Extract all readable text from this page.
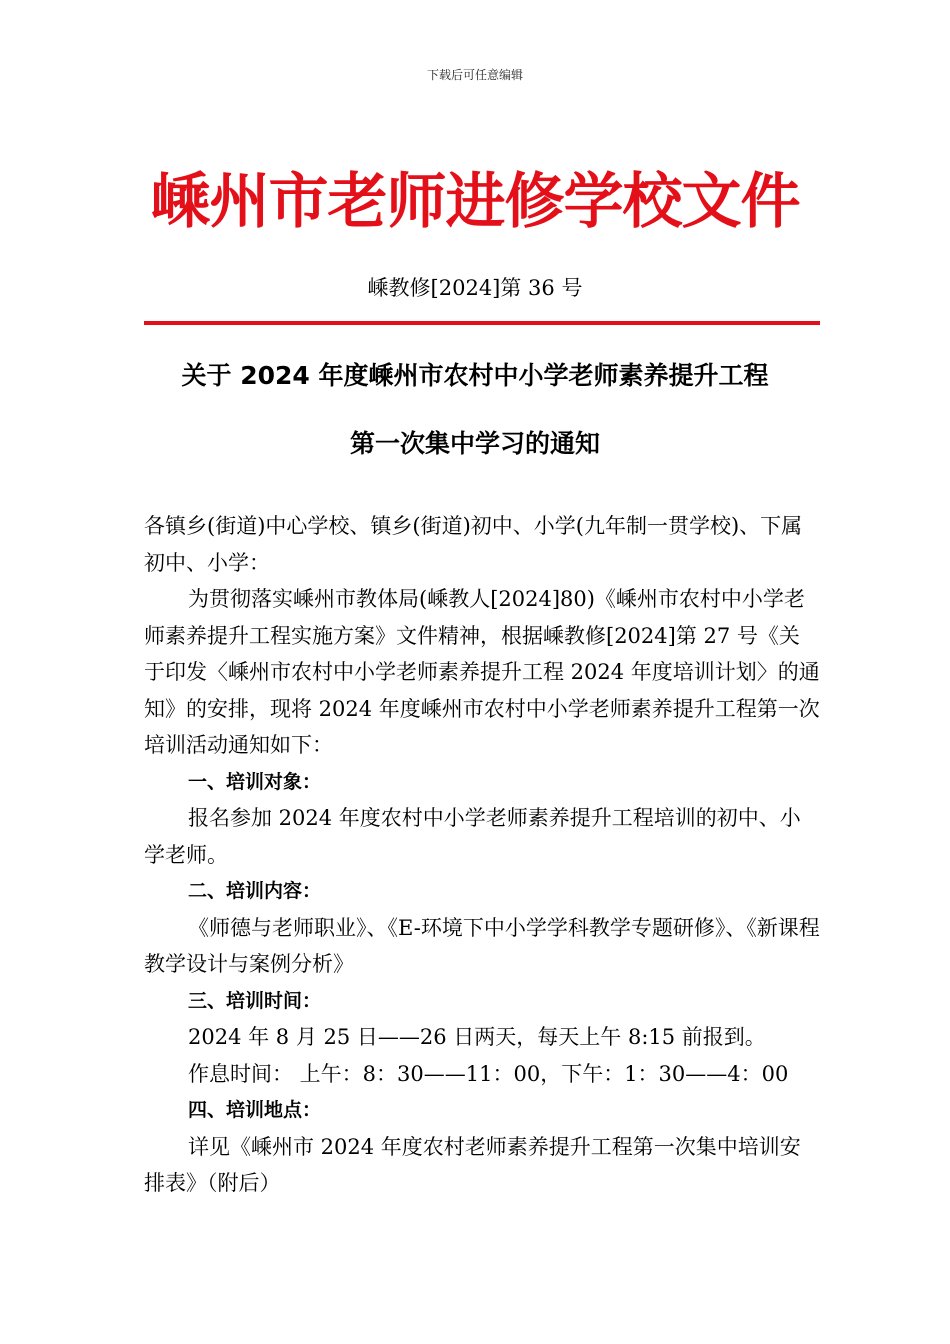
下载后可任意编辑
嵊州市老师进修学校文件
嵊教修[2024]第 36 号
关于 2024 年度嵊州市农村中小学老师素养提升工程
第一次集中学习的通知

各镇乡(街道)中心学校、镇乡(街道)初中、小学(九年制一贯学校)、下属初中、小学：

为贯彻落实嵊州市教体局(嵊教人[2024]80)《嵊州市农村中小学老师素养提升工程实施方案》文件精神，根据嵊教修[2024]第 27 号《关于印发〈嵊州市农村中小学老师素养提升工程 2024 年度培训计划〉的通知》的安排，现将 2024 年度嵊州市农村中小学老师素养提升工程第一次培训活动通知如下：

一、培训对象：

报名参加 2024 年度农村中小学老师素养提升工程培训的初中、小学老师。

二、培训内容：

《师德与老师职业》、《E-环境下中小学学科教学专题研修》、《新课程教学设计与案例分析》

三、培训时间：

2024 年 8 月 25 日——26 日两天，每天上午 8:15 前报到。

作息时间： 上午：8：30——11：00，下午：1：30——4：00

四、培训地点：

详见《嵊州市 2024 年度农村老师素养提升工程第一次集中培训安排表》（附后）
